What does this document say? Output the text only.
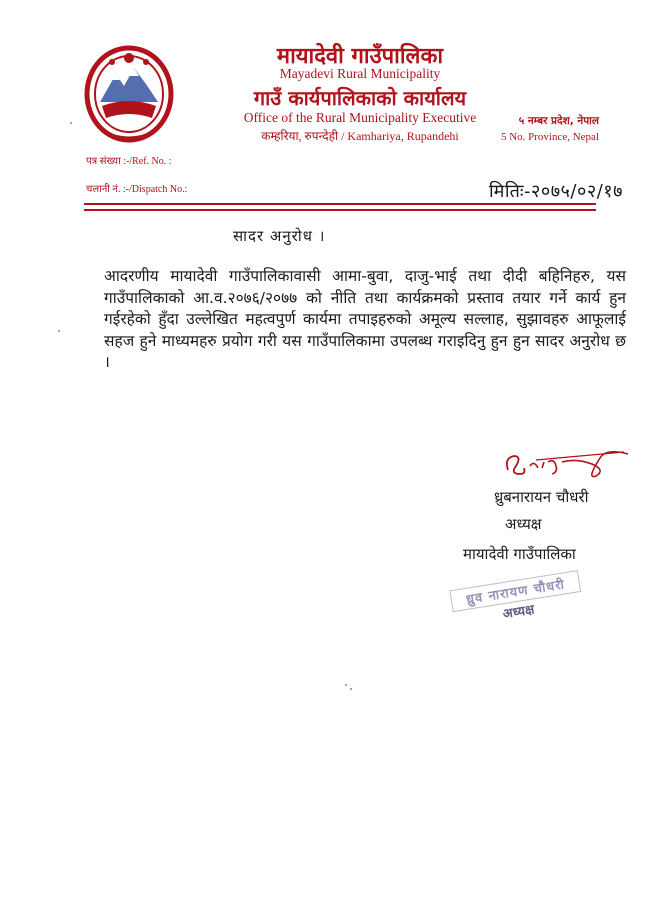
मायादेवी गाउँपालिका
Mayadevi Rural Municipality
गाउँ कार्यपालिकाको कार्यालय
Office of the Rural Municipality Executive
कम्हरिया, रुपन्देही / Kamhariya, Rupandehi
५ नम्बर प्रदेश, नेपाल
5 No. Province, Nepal
पत्र संख्या :-/Ref. No. :
चलानी नं. :-/Dispatch No.:	मितिः-२०७५/०२/१७
सादर अनुरोध ।
आदरणीय मायादेवी गाउँपालिकावासी आमा-बुवा, दाजु-भाई तथा दीदी बहिनिहरु, यस गाउँपालिकाको आ.व.२०७६/२०७७ को नीति तथा कार्यक्रमको प्रस्ताव तयार गर्ने कार्य हुन गईरहेको हुँदा उल्लेखित महत्वपुर्ण कार्यमा तपाइहरुको अमूल्य सल्लाह, सुझावहरु आफूलाई सहज हुने माध्यमहरु प्रयोग गरी यस गाउँपालिकामा उपलब्ध गराइदिनु हुन हुन सादर अनुरोध छ ।
ध्रुबनारायन चौधरी
अध्यक्ष
मायादेवी गाउँपालिका
ध्रुव नारायण चौधरी
अध्यक्ष
